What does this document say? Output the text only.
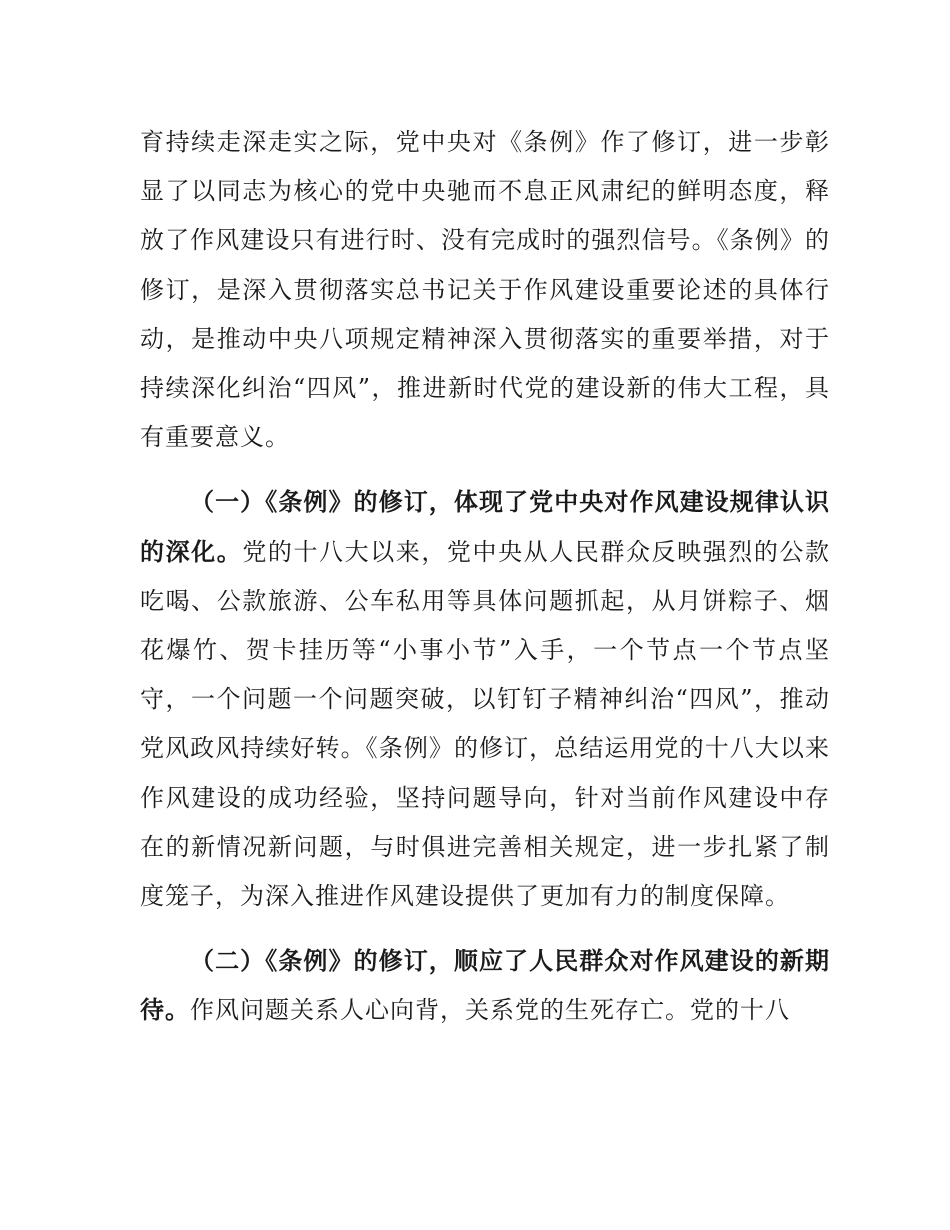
育持续走深走实之际，党中央对《条例》作了修订，进一步彰显了以同志为核心的党中央驰而不息正风肃纪的鲜明态度，释放了作风建设只有进行时、没有完成时的强烈信号。《条例》的修订，是深入贯彻落实总书记关于作风建设重要论述的具体行动，是推动中央八项规定精神深入贯彻落实的重要举措，对于持续深化纠治“四风”，推进新时代党的建设新的伟大工程，具有重要意义。

（一）《条例》的修订，体现了党中央对作风建设规律认识的深化。党的十八大以来，党中央从人民群众反映强烈的公款吃喝、公款旅游、公车私用等具体问题抓起，从月饼粽子、烟花爆竹、贺卡挂历等“小事小节”入手，一个节点一个节点坚守，一个问题一个问题突破，以钉钉子精神纠治“四风”，推动党风政风持续好转。《条例》的修订，总结运用党的十八大以来作风建设的成功经验，坚持问题导向，针对当前作风建设中存在的新情况新问题，与时俱进完善相关规定，进一步扎紧了制度笼子，为深入推进作风建设提供了更加有力的制度保障。

（二）《条例》的修订，顺应了人民群众对作风建设的新期待。作风问题关系人心向背，关系党的生死存亡。党的十八
